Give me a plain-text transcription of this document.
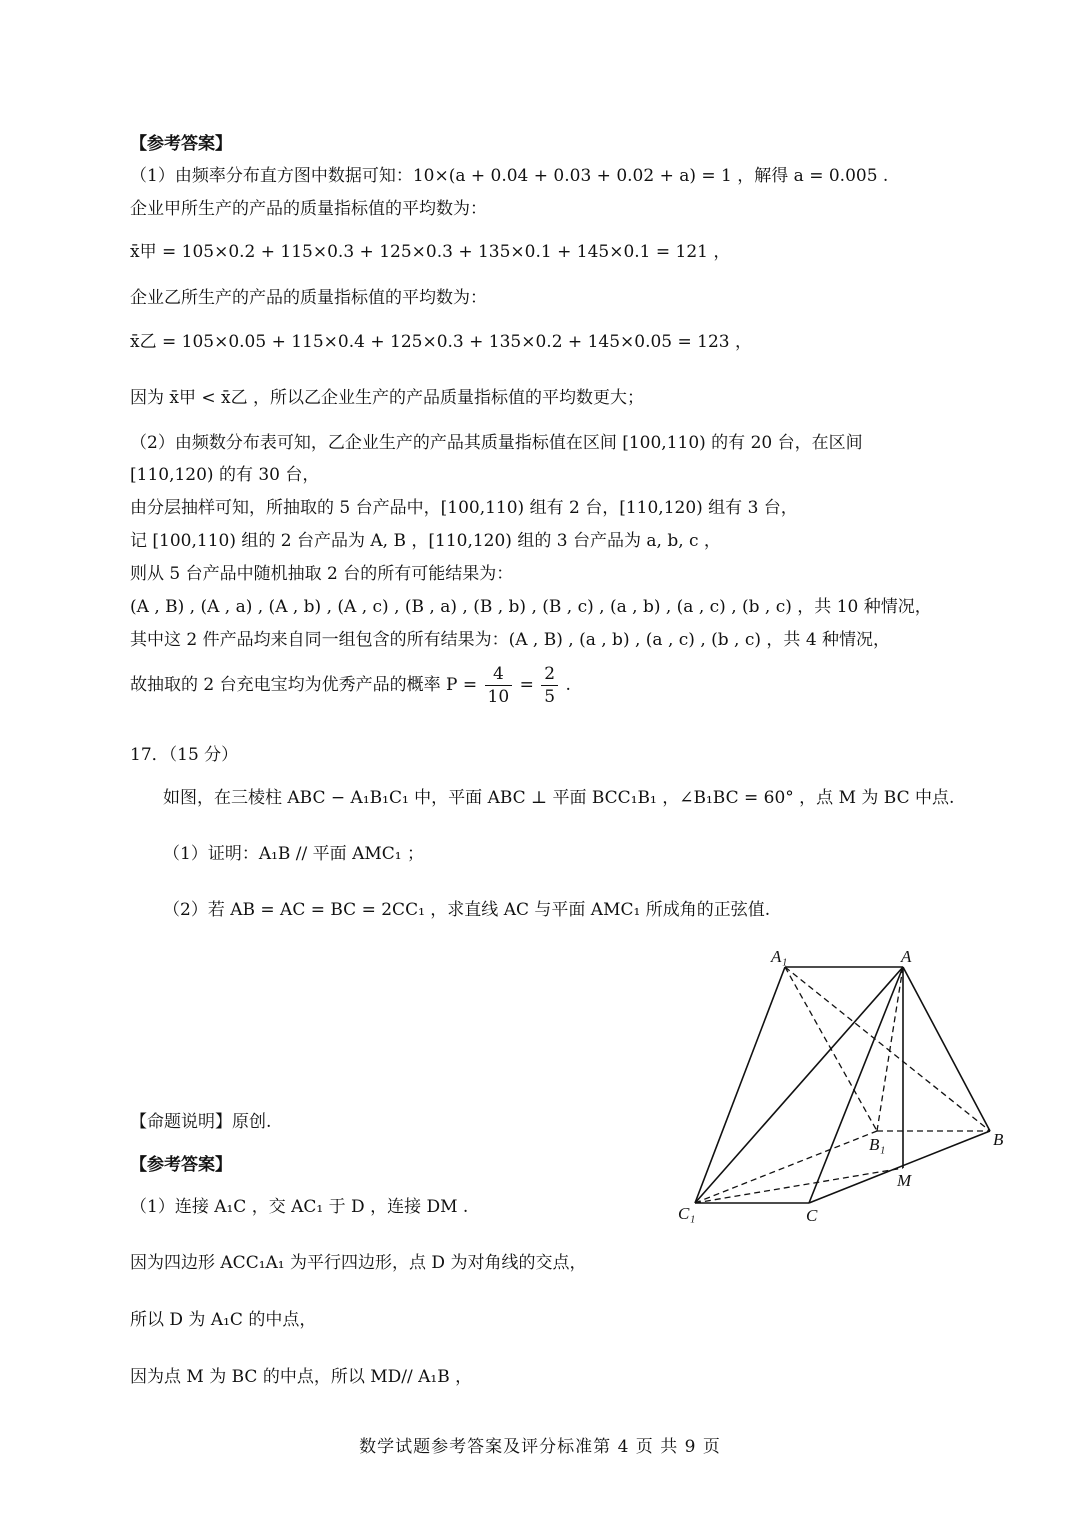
【参考答案】
（1）由频率分布直方图中数据可知：10×(a + 0.04 + 0.03 + 0.02 + a) = 1 ，解得 a = 0.005 .
企业甲所生产的产品的质量指标值的平均数为：
x̄甲 = 105×0.2 + 115×0.3 + 125×0.3 + 135×0.1 + 145×0.1 = 121 ，
企业乙所生产的产品的质量指标值的平均数为：
x̄乙 = 105×0.05 + 115×0.4 + 125×0.3 + 135×0.2 + 145×0.05 = 123 ，
因为 x̄甲 < x̄乙 ，所以乙企业生产的产品质量指标值的平均数更大；
（2）由频数分布表可知，乙企业生产的产品其质量指标值在区间 [100,110) 的有 20 台，在区间
[110,120) 的有 30 台，
由分层抽样可知，所抽取的 5 台产品中，[100,110) 组有 2 台，[110,120) 组有 3 台，
记 [100,110) 组的 2 台产品为 A, B ，[110,120) 组的 3 台产品为 a, b, c ，
则从 5 台产品中随机抽取 2 台的所有可能结果为：
(A , B) , (A , a) , (A , b) , (A , c) , (B , a) , (B , b) , (B , c) , (a , b) , (a , c) , (b , c) ，共 10 种情况，
其中这 2 件产品均来自同一组包含的所有结果为：(A , B) , (a , b) , (a , c) , (b , c) ，共 4 种情况，
故抽取的 2 台充电宝均为优秀产品的概率 $P = \frac{4}{10} = \frac{2}{5}$ .
17．（15 分）
如图，在三棱柱 ABC − A₁B₁C₁ 中，平面 ABC ⊥ 平面 BCC₁B₁ ，∠B₁BC = 60° ，点 M 为 BC 中点.
（1）证明：A₁B // 平面 AMC₁ ；
（2）若 AB = AC = BC = 2CC₁ ，求直线 AC 与平面 AMC₁ 所成角的正弦值.
A₁	A
B₁	B
M
C₁	C
【命题说明】原创.
【参考答案】
（1）连接 A₁C ，交 AC₁ 于 D ，连接 DM .
因为四边形 ACC₁A₁ 为平行四边形，点 D 为对角线的交点，
所以 D 为 A₁C 的中点，
因为点 M 为 BC 的中点，所以 MD// A₁B ，
数学试题参考答案及评分标准第 4 页 共 9 页
